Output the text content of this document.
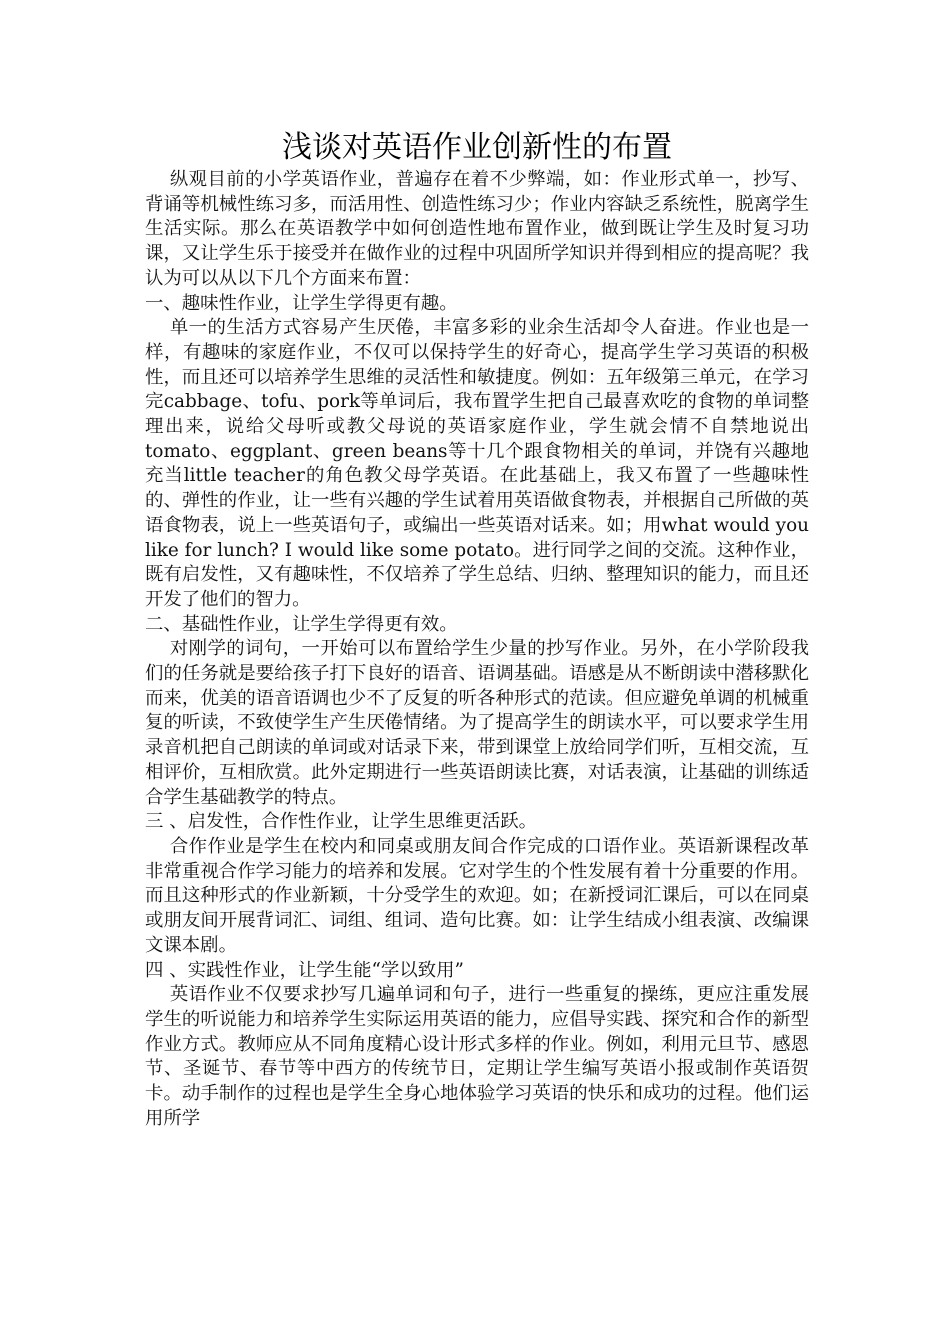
浅谈对英语作业创新性的布置

纵观目前的小学英语作业，普遍存在着不少弊端，如：作业形式单一，抄写、背诵等机械性练习多，而活用性、创造性练习少；作业内容缺乏系统性，脱离学生生活实际。那么在英语教学中如何创造性地布置作业，做到既让学生及时复习功课，又让学生乐于接受并在做作业的过程中巩固所学知识并得到相应的提高呢？我认为可以从以下几个方面来布置：

一、趣味性作业，让学生学得更有趣。

单一的生活方式容易产生厌倦，丰富多彩的业余生活却令人奋进。作业也是一样，有趣味的家庭作业，不仅可以保持学生的好奇心，提高学生学习英语的积极性，而且还可以培养学生思维的灵活性和敏捷度。例如：五年级第三单元，在学习完cabbage、tofu、pork等单词后，我布置学生把自己最喜欢吃的食物的单词整理出来，说给父母听或教父母说的英语家庭作业，学生就会情不自禁地说出tomato、eggplant、green beans等十几个跟食物相关的单词，并饶有兴趣地充当little teacher的角色教父母学英语。在此基础上，我又布置了一些趣味性的、弹性的作业，让一些有兴趣的学生试着用英语做食物表，并根据自己所做的英语食物表，说上一些英语句子，或编出一些英语对话来。如；用what would you like for lunch? I would like some potato。进行同学之间的交流。这种作业，既有启发性，又有趣味性，不仅培养了学生总结、归纳、整理知识的能力，而且还开发了他们的智力。

二、基础性作业，让学生学得更有效。

对刚学的词句，一开始可以布置给学生少量的抄写作业。另外，在小学阶段我们的任务就是要给孩子打下良好的语音、语调基础。语感是从不断朗读中潜移默化而来，优美的语音语调也少不了反复的听各种形式的范读。但应避免单调的机械重复的听读，不致使学生产生厌倦情绪。为了提高学生的朗读水平，可以要求学生用录音机把自己朗读的单词或对话录下来，带到课堂上放给同学们听，互相交流，互相评价，互相欣赏。此外定期进行一些英语朗读比赛，对话表演，让基础的训练适合学生基础教学的特点。

三 、启发性，合作性作业，让学生思维更活跃。

合作作业是学生在校内和同桌或朋友间合作完成的口语作业。英语新课程改革非常重视合作学习能力的培养和发展。它对学生的个性发展有着十分重要的作用。而且这种形式的作业新颖，十分受学生的欢迎。如；在新授词汇课后，可以在同桌或朋友间开展背词汇、词组、组词、造句比赛。如：让学生结成小组表演、改编课文课本剧。

四 、实践性作业，让学生能“学以致用”

英语作业不仅要求抄写几遍单词和句子，进行一些重复的操练，更应注重发展学生的听说能力和培养学生实际运用英语的能力，应倡导实践、探究和合作的新型作业方式。教师应从不同角度精心设计形式多样的作业。例如，利用元旦节、感恩节、圣诞节、春节等中西方的传统节日，定期让学生编写英语小报或制作英语贺卡。动手制作的过程也是学生全身心地体验学习英语的快乐和成功的过程。他们运用所学
